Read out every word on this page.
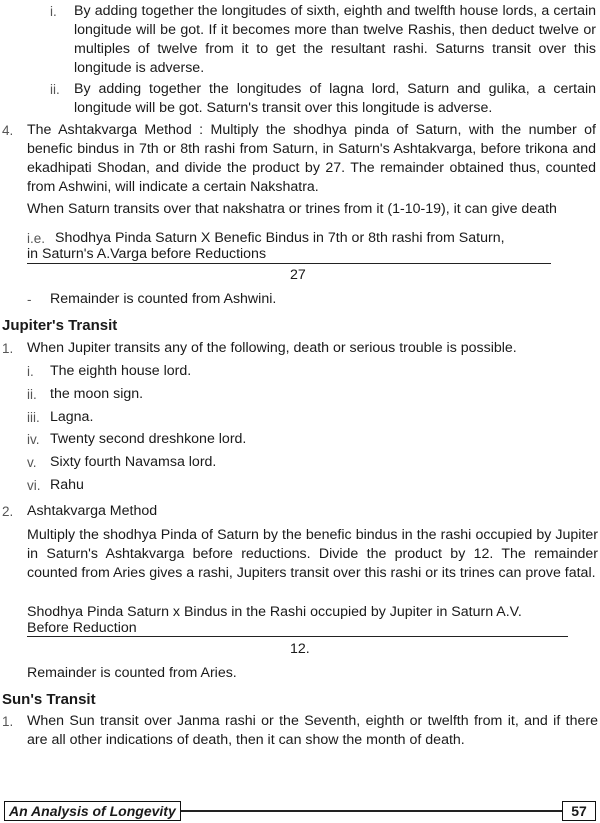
i. By adding together the longitudes of sixth, eighth and twelfth house lords, a certain longitude will be got. If it becomes more than twelve Rashis, then deduct twelve or multiples of twelve from it to get the resultant rashi. Saturns transit over this longitude is adverse.
ii. By adding together the longitudes of lagna lord, Saturn and gulika, a certain longitude will be got. Saturn's transit over this longitude is adverse.
4. The Ashtakvarga Method : Multiply the shodhya pinda of Saturn, with the number of benefic bindus in 7th or 8th rashi from Saturn, in Saturn's Ashtakvarga, before trikona and ekadhipati Shodan, and divide the product by 27. The remainder obtained thus, counted from Ashwini, will indicate a certain Nakshatra.
When Saturn transits over that nakshatra or trines from it (1-10-19), it can give death
i.e. Shodhya Pinda Saturn X Benefic Bindus in 7th or 8th rashi from Saturn,
in Saturn's A.Varga before Reductions
27
- Remainder is counted from Ashwini.
Jupiter's Transit
1. When Jupiter transits any of the following, death or serious trouble is possible.
i. The eighth house lord.
ii. the moon sign.
iii. Lagna.
iv. Twenty second dreshkone lord.
v. Sixty fourth Navamsa lord.
vi. Rahu
2. Ashtakvarga Method
Multiply the shodhya Pinda of Saturn by the benefic bindus in the rashi occupied by Jupiter in Saturn's Ashtakvarga before reductions. Divide the product by 12. The remainder counted from Aries gives a rashi, Jupiters transit over this rashi or its trines can prove fatal.
Shodhya Pinda Saturn x Bindus in the Rashi occupied by Jupiter in Saturn A.V.
Before Reduction
12.
Remainder is counted from Aries.
Sun's Transit
1. When Sun transit over Janma rashi or the Seventh, eighth or twelfth from it, and if there are all other indications of death, then it can show the month of death.
An Analysis of Longevity	57
